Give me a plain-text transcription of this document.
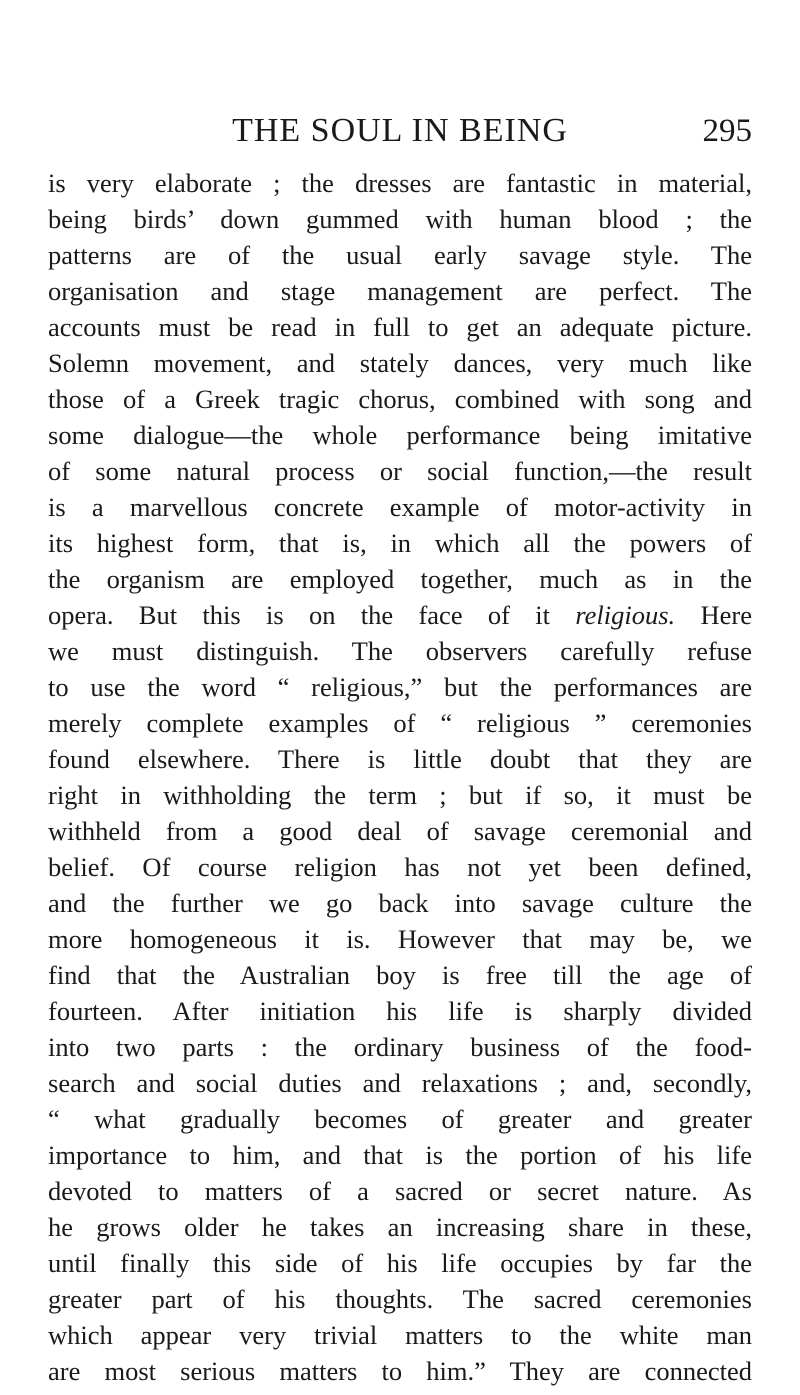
THE SOUL IN BEING	295
is very elaborate ; the dresses are fantastic in material,
being birds’ down gummed with human blood ; the
patterns are of the usual early savage style. The
organisation and stage management are perfect. The
accounts must be read in full to get an adequate picture.
Solemn movement, and stately dances, very much like
those of a Greek tragic chorus, combined with song and
some dialogue—the whole performance being imitative
of some natural process or social function,—the result
is a marvellous concrete example of motor-activity in
its highest form, that is, in which all the powers of
the organism are employed together, much as in the
opera. But this is on the face of it religious. Here
we must distinguish. The observers carefully refuse
to use the word “ religious,” but the performances are
merely complete examples of “ religious ” ceremonies
found elsewhere. There is little doubt that they are
right in withholding the term ; but if so, it must be
withheld from a good deal of savage ceremonial and
belief. Of course religion has not yet been defined,
and the further we go back into savage culture the
more homogeneous it is. However that may be, we
find that the Australian boy is free till the age of
fourteen. After initiation his life is sharply divided
into two parts : the ordinary business of the food-
search and social duties and relaxations ; and, secondly,
“ what gradually becomes of greater and greater
importance to him, and that is the portion of his life
devoted to matters of a sacred or secret nature. As
he grows older he takes an increasing share in these,
until finally this side of his life occupies by far the
greater part of his thoughts. The sacred ceremonies
which appear very trivial matters to the white man
are most serious matters to him.” They are connected
